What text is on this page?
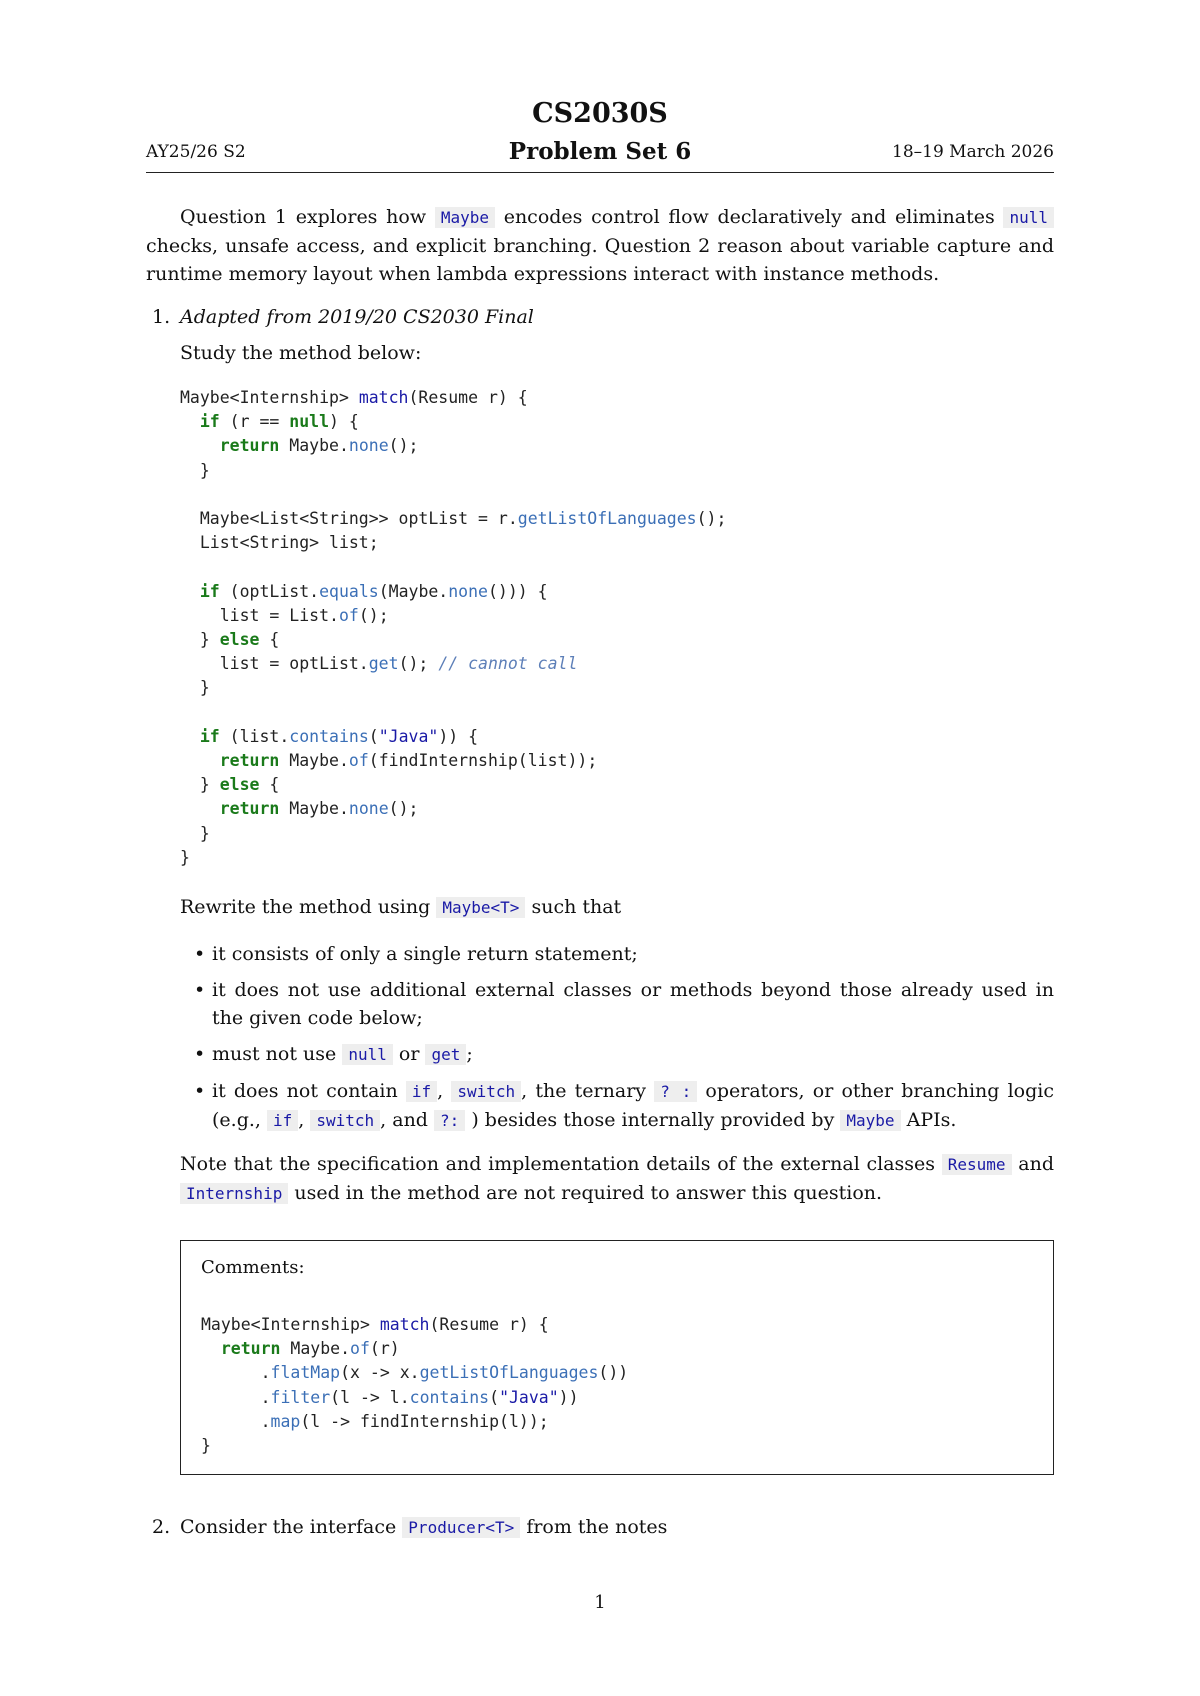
CS2030S
AY25/26 S2	Problem Set 6	18–19 March 2026
Question 1 explores how Maybe encodes control flow declaratively and eliminates null checks, unsafe access, and explicit branching. Question 2 reason about variable capture and runtime memory layout when lambda expressions interact with instance methods.
1. Adapted from 2019/20 CS2030 Final
Study the method below:
Maybe<Internship> match(Resume r) {
if (r == null) {
return Maybe.none();
}

Maybe<List<String>> optList = r.getListOfLanguages();
List<String> list;

if (optList.equals(Maybe.none())) {
list = List.of();
} else {
list = optList.get(); // cannot call
}

if (list.contains("Java")) {
return Maybe.of(findInternship(list));
} else {
return Maybe.none();
}
}
Rewrite the method using Maybe<T> such that
• it consists of only a single return statement;
• it does not use additional external classes or methods beyond those already used in the given code below;
• must not use null or get ;
• it does not contain if , switch , the ternary ? : operators, or other branching logic (e.g., if , switch , and ?: ) besides those internally provided by Maybe APIs.
Note that the specification and implementation details of the external classes Resume and Internship used in the method are not required to answer this question.
Comments:
Maybe<Internship> match(Resume r) {
return Maybe.of(r)
.flatMap(x -> x.getListOfLanguages())
.filter(l -> l.contains("Java"))
.map(l -> findInternship(l));
}
2. Consider the interface Producer<T> from the notes
1
